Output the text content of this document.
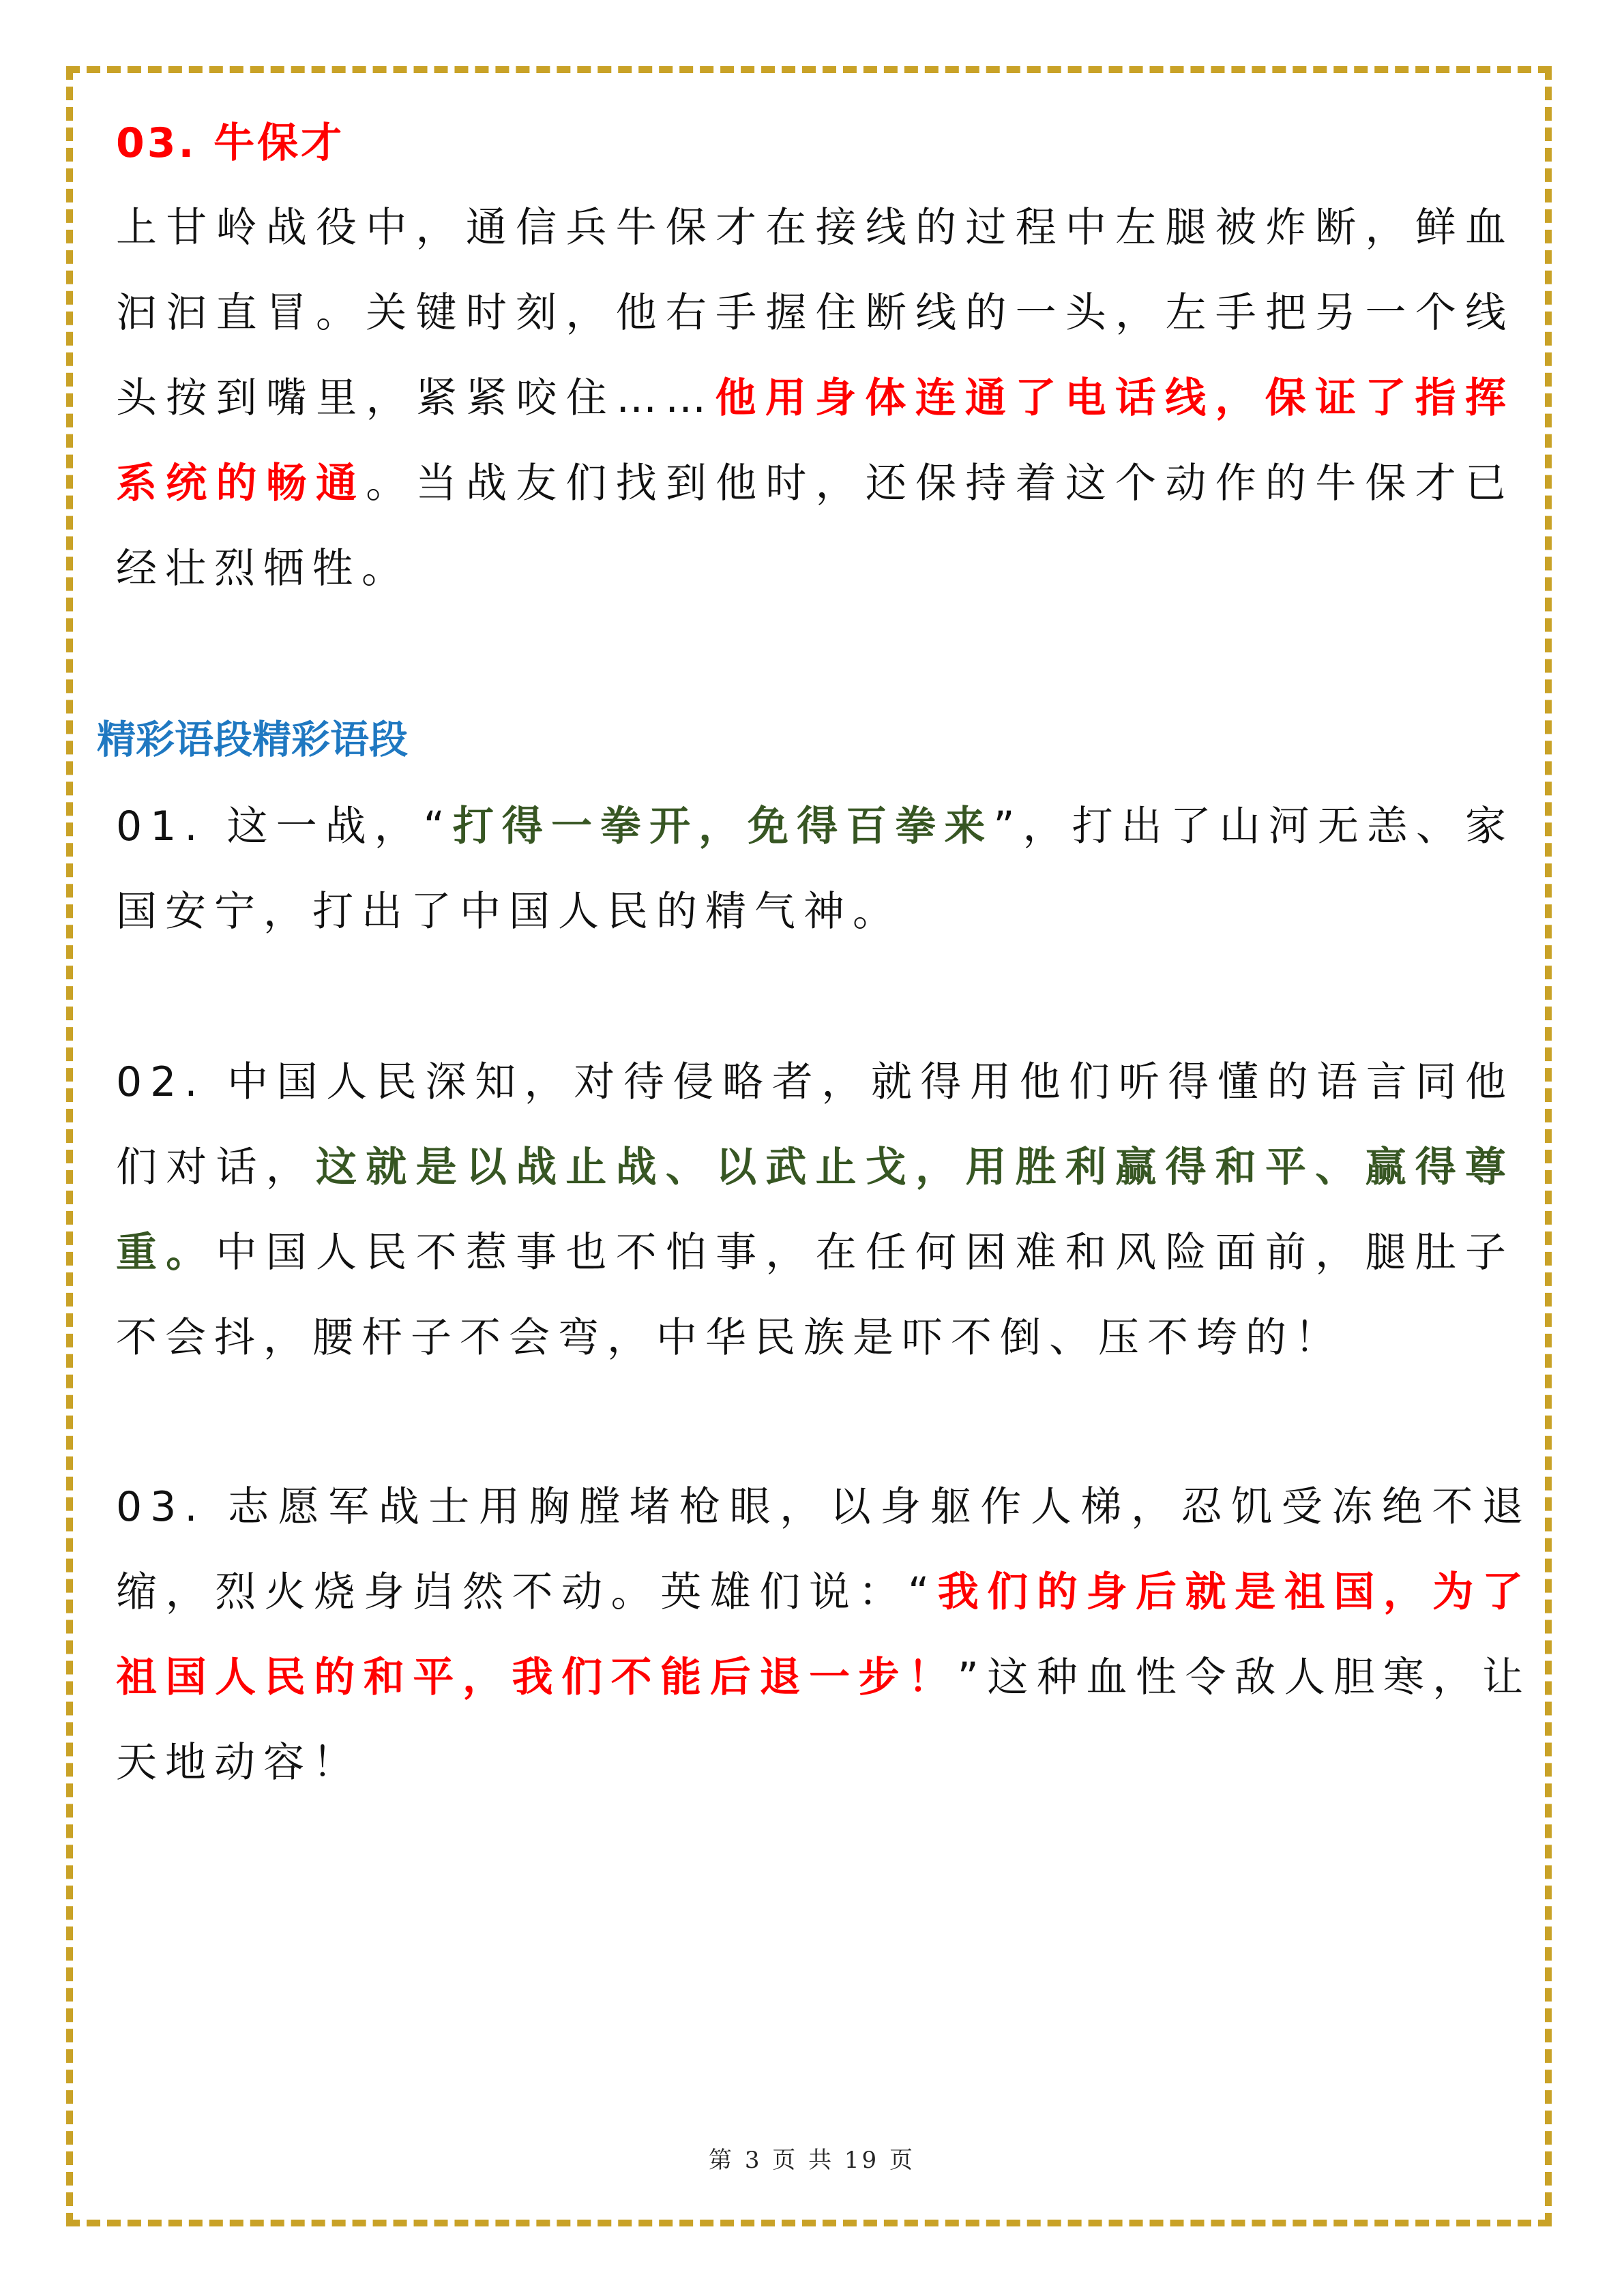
03. 牛保才

上甘岭战役中，通信兵牛保才在接线的过程中左腿被炸断，鲜血汩汩直冒。关键时刻，他右手握住断线的一头，左手把另一个线头按到嘴里，紧紧咬住……他用身体连通了电话线，保证了指挥系统的畅通。当战友们找到他时，还保持着这个动作的牛保才已经壮烈牺牲。

精彩语段精彩语段

01. 这一战，“打得一拳开，免得百拳来”，打出了山河无恙、家国安宁，打出了中国人民的精气神。

02. 中国人民深知，对待侵略者，就得用他们听得懂的语言同他们对话，这就是以战止战、以武止戈，用胜利赢得和平、赢得尊重。中国人民不惹事也不怕事，在任何困难和风险面前，腿肚子不会抖，腰杆子不会弯，中华民族是吓不倒、压不垮的！

03. 志愿军战士用胸膛堵枪眼，以身躯作人梯，忍饥受冻绝不退缩，烈火烧身岿然不动。英雄们说：“我们的身后就是祖国，为了祖国人民的和平，我们不能后退一步！”这种血性令敌人胆寒，让天地动容！

第 3 页 共 19 页
